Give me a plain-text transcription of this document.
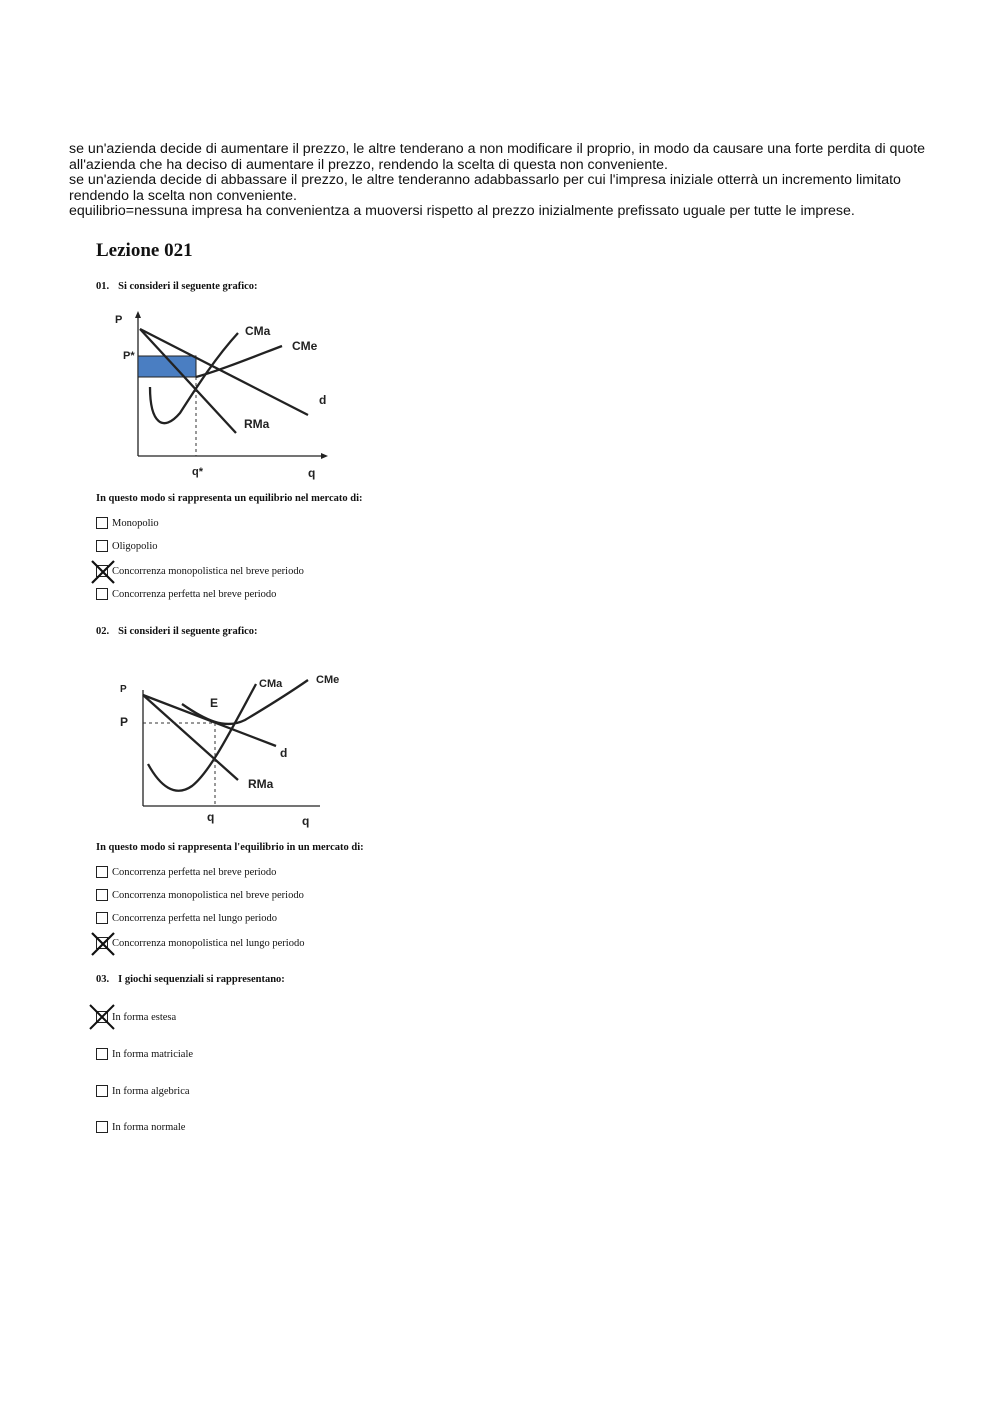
se un'azienda decide di aumentare il prezzo, le altre tenderano a non modificare il proprio, in modo da causare una forte perdita di quote all'azienda che ha deciso di aumentare il prezzo, rendendo la scelta di questa non conveniente.

se un'azienda decide di abbassare il prezzo, le altre tenderanno adabbassarlo per cui l'impresa iniziale otterrà un incremento limitato rendendo la scelta non conveniente.

equilibrio=nessuna impresa ha convenientza a muoversi rispetto al prezzo inizialmente prefissato uguale per tutte le imprese.

Lezione 021

01. Si consideri il seguente grafico:

P
P*
q*	q
CMa
CMe
d
RMa

In questo modo si rappresenta un equilibrio nel mercato di:

Monopolio
Oligopolio
Concorrenza monopolistica nel breve periodo
Concorrenza perfetta nel breve periodo

02. Si consideri il seguente grafico:

P
P
E
q	q
CMa	CMe
d
RMa

In questo modo si rappresenta l'equilibrio in un mercato di:

Concorrenza perfetta nel breve periodo
Concorrenza monopolistica nel breve periodo
Concorrenza perfetta nel lungo periodo
Concorrenza monopolistica nel lungo periodo

03. I giochi sequenziali si rappresentano:

In forma estesa
In forma matriciale
In forma algebrica
In forma normale
